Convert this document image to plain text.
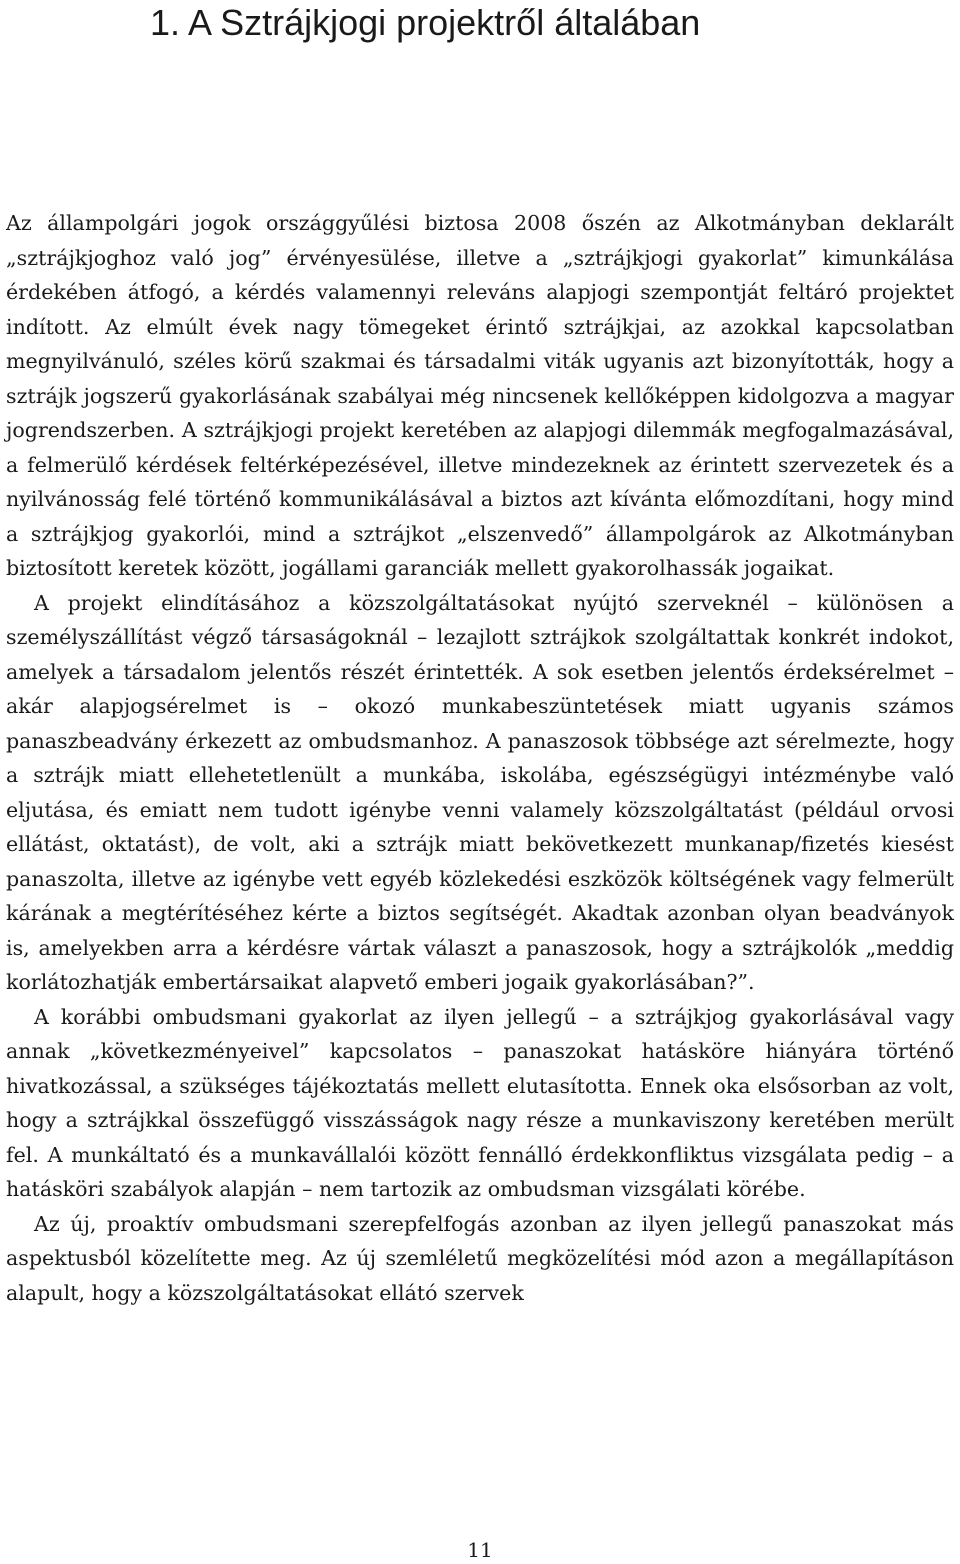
1. A Sztrájkjogi projektről általában

Az állampolgári jogok országgyűlési biztosa 2008 őszén az Alkotmányban deklarált „sztrájkjoghoz való jog” érvényesülése, illetve a „sztrájkjogi gyakorlat” kimunkálása érdekében átfogó, a kérdés valamennyi releváns alapjogi szempontját feltáró projektet indított. Az elmúlt évek nagy tömegeket érintő sztrájkjai, az azokkal kapcsolatban megnyilvánuló, széles körű szakmai és társadalmi viták ugyanis azt bizonyították, hogy a sztrájk jogszerű gyakorlásának szabályai még nincsenek kellőképpen kidolgozva a magyar jogrendszerben. A sztrájkjogi projekt keretében az alapjogi dilemmák megfogalmazásával, a felmerülő kérdések feltérképezésével, illetve mindezeknek az érintett szervezetek és a nyilvánosság felé történő kommunikálásával a biztos azt kívánta előmozdítani, hogy mind a sztrájkjog gyakorlói, mind a sztrájkot „elszenvedő” állampolgárok az Alkotmányban biztosított keretek között, jogállami garanciák mellett gyakorolhassák jogaikat.

A projekt elindításához a közszolgáltatásokat nyújtó szerveknél – különösen a személyszállítást végző társaságoknál – lezajlott sztrájkok szolgáltattak konkrét indokot, amelyek a társadalom jelentős részét érintették. A sok esetben jelentős érdeksérelmet – akár alapjogsérelmet is – okozó munkabeszüntetések miatt ugyanis számos panaszbeadvány érkezett az ombudsmanhoz. A panaszosok többsége azt sérelmezte, hogy a sztrájk miatt ellehetetlenült a munkába, iskolába, egészségügyi intézménybe való eljutása, és emiatt nem tudott igénybe venni valamely közszolgáltatást (például orvosi ellátást, oktatást), de volt, aki a sztrájk miatt bekövetkezett munkanap/fizetés kiesést panaszolta, illetve az igénybe vett egyéb közlekedési eszközök költségének vagy felmerült kárának a megtérítéséhez kérte a biztos segítségét. Akadtak azonban olyan beadványok is, amelyekben arra a kérdésre vártak választ a panaszosok, hogy a sztrájkolók „meddig korlátozhatják embertársaikat alapvető emberi jogaik gyakorlásában?”.

A korábbi ombudsmani gyakorlat az ilyen jellegű – a sztrájkjog gyakorlásával vagy annak „következményeivel” kapcsolatos – panaszokat hatásköre hiányára történő hivatkozással, a szükséges tájékoztatás mellett elutasította. Ennek oka elsősorban az volt, hogy a sztrájkkal összefüggő visszásságok nagy része a munkaviszony keretében merült fel. A munkáltató és a munkavállalói között fennálló érdekkonfliktus vizsgálata pedig – a hatásköri szabályok alapján – nem tartozik az ombudsman vizsgálati körébe.

Az új, proaktív ombudsmani szerepfelfogás azonban az ilyen jellegű panaszokat más aspektusból közelítette meg. Az új szemléletű megközelítési mód azon a megállapításon alapult, hogy a közszolgáltatásokat ellátó szervek

11
